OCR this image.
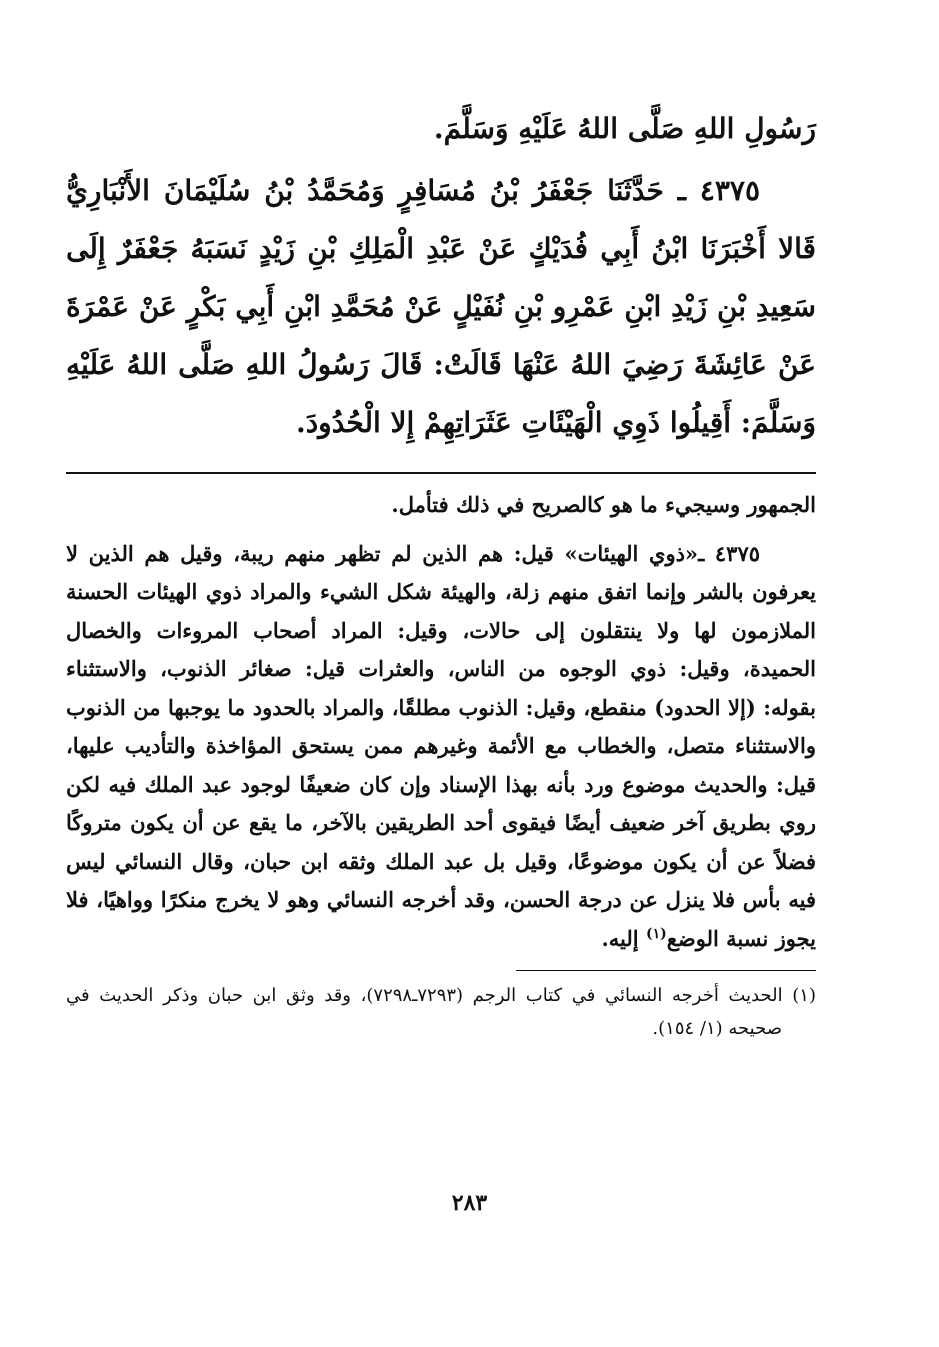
رَسُولِ اللهِ صَلَّى اللهُ عَلَيْهِ وَسَلَّمَ.

٤٣٧٥ ـ حَدَّثَنَا جَعْفَرُ بْنُ مُسَافِرٍ وَمُحَمَّدُ بْنُ سُلَيْمَانَ الأَنْبَارِيُّ قَالا أَخْبَرَنَا ابْنُ أَبِي فُدَيْكٍ عَنْ عَبْدِ الْمَلِكِ بْنِ زَيْدٍ نَسَبَهُ جَعْفَرٌ إِلَى سَعِيدِ بْنِ زَيْدِ ابْنِ عَمْرِو بْنِ نُفَيْلٍ عَنْ مُحَمَّدِ ابْنِ أَبِي بَكْرٍ عَنْ عَمْرَةَ عَنْ عَائِشَةَ رَضِيَ اللهُ عَنْهَا قَالَتْ: قَالَ رَسُولُ اللهِ صَلَّى اللهُ عَلَيْهِ وَسَلَّمَ: أَقِيلُوا ذَوِي الْهَيْئَاتِ عَثَرَاتِهِمْ إِلا الْحُدُودَ.

الجمهور وسيجيء ما هو كالصريح في ذلك فتأمل.

٤٣٧٥ ـ«ذوي الهيئات» قيل: هم الذين لم تظهر منهم ريبة، وقيل هم الذين لا يعرفون بالشر وإنما اتفق منهم زلة، والهيئة شكل الشيء والمراد ذوي الهيئات الحسنة الملازمون لها ولا ينتقلون إلى حالات، وقيل: المراد أصحاب المروءات والخصال الحميدة، وقيل: ذوي الوجوه من الناس، والعثرات قيل: صغائر الذنوب، والاستثناء بقوله: (إلا الحدود) منقطع، وقيل: الذنوب مطلقًا، والمراد بالحدود ما يوجبها من الذنوب والاستثناء متصل، والخطاب مع الأئمة وغيرهم ممن يستحق المؤاخذة والتأديب عليها، قيل: والحديث موضوع ورد بأنه بهذا الإسناد وإن كان ضعيفًا لوجود عبد الملك فيه لكن روي بطريق آخر ضعيف أيضًا فيقوى أحد الطريقين بالآخر، ما يقع عن أن يكون متروكًا فضلاً عن أن يكون موضوعًا، وقيل بل عبد الملك وثقه ابن حبان، وقال النسائي ليس فيه بأس فلا ينزل عن درجة الحسن، وقد أخرجه النسائي وهو لا يخرج منكرًا وواهيًا، فلا يجوز نسبة الوضع$^{(١)}$ إليه.

(١) الحديث أخرجه النسائي في كتاب الرجم (٧٢٩٣ـ٧٢٩٨)، وقد وثق ابن حبان وذكر الحديث في صحيحه (١/ ١٥٤).

٢٨٣
